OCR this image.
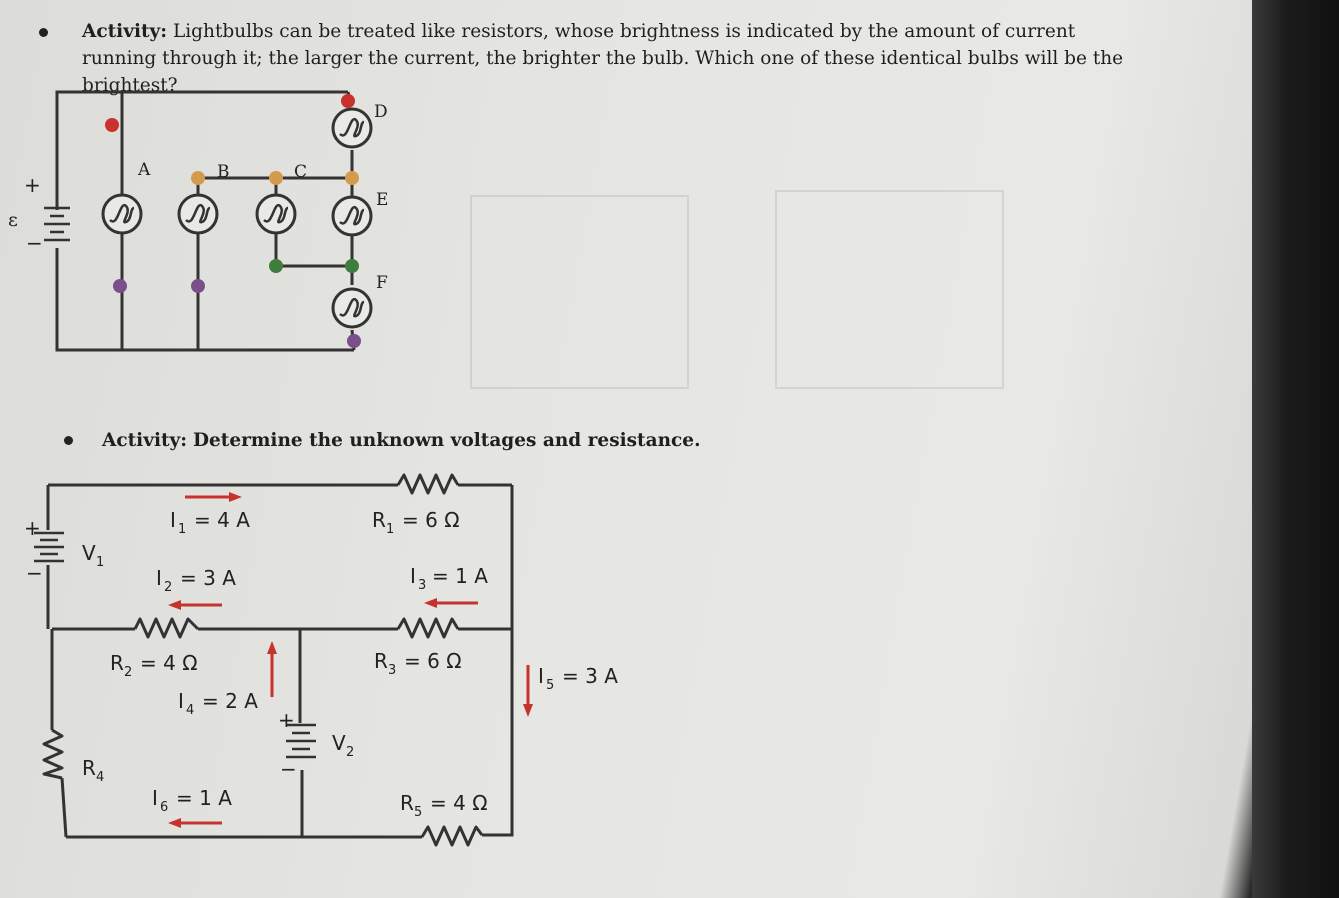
Activity: Lightbulbs can be treated like resistors, whose brightness is indicated by the amount of current running through it; the larger the current, the brighter the bulb. Which one of these identical bulbs will be the brightest?
+
−
ε
A	B	C
D
E
F
Activity: Determine the unknown voltages and resistance.
+
−
+
−
I 1 = 4 A
I 2 = 3 A	I 3 = 1 A
I 4 = 2 A
I 5 = 3 A
I 6 = 1 A
R 1 = 6 Ω
R 2 = 4 Ω	R 3 = 6 Ω
R 4
R 5 = 4 Ω
V 1
V 2
